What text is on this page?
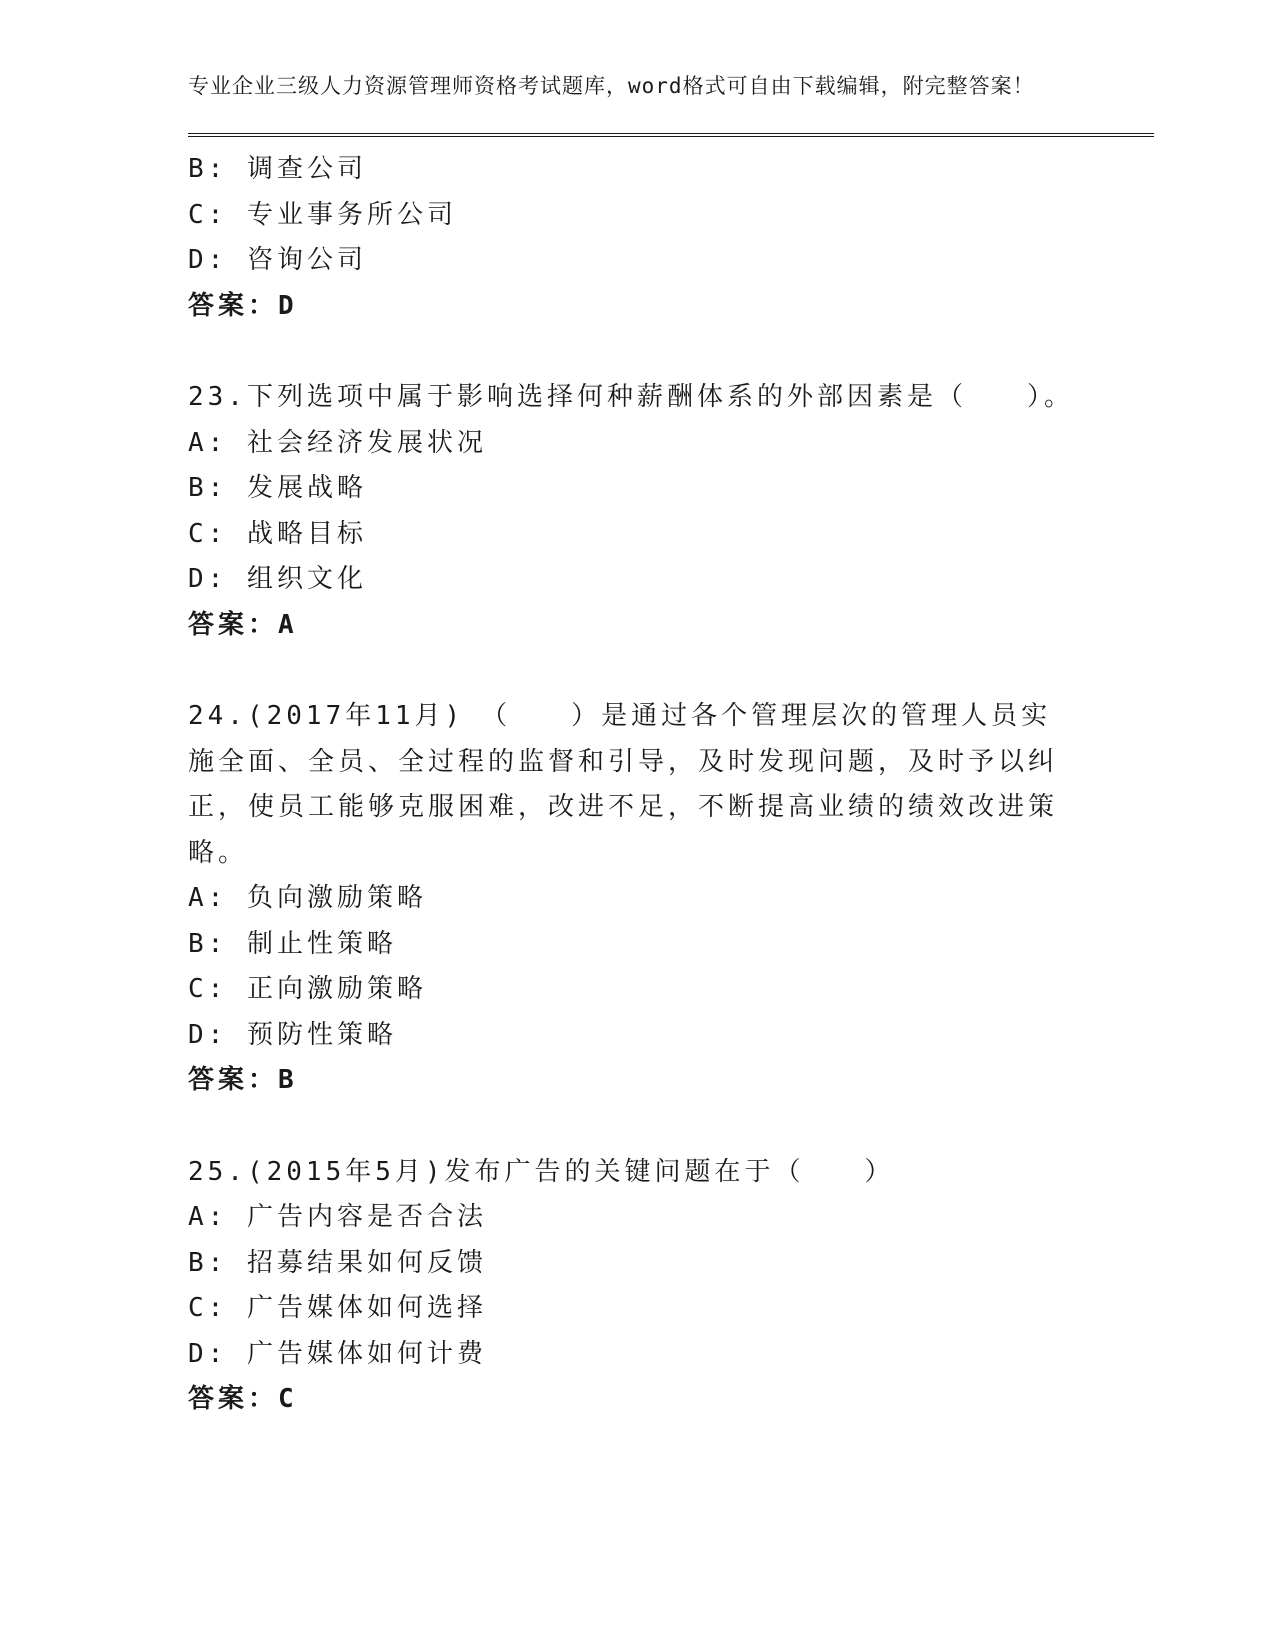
专业企业三级人力资源管理师资格考试题库，word格式可自由下载编辑，附完整答案！

B: 调查公司

C: 专业事务所公司

D: 咨询公司

答案：D

23.下列选项中属于影响选择何种薪酬体系的外部因素是（　　）。

A: 社会经济发展状况

B: 发展战略

C: 战略目标

D: 组织文化

答案：A

24.(2017年11月)　（　　）是通过各个管理层次的管理人员实施全面、全员、全过程的监督和引导，及时发现问题，及时予以纠正，使员工能够克服困难，改进不足，不断提高业绩的绩效改进策略。

A: 负向激励策略

B: 制止性策略

C: 正向激励策略

D: 预防性策略

答案：B

25.(2015年5月)发布广告的关键问题在于（　　）

A: 广告内容是否合法

B: 招募结果如何反馈

C: 广告媒体如何选择

D: 广告媒体如何计费

答案：C
